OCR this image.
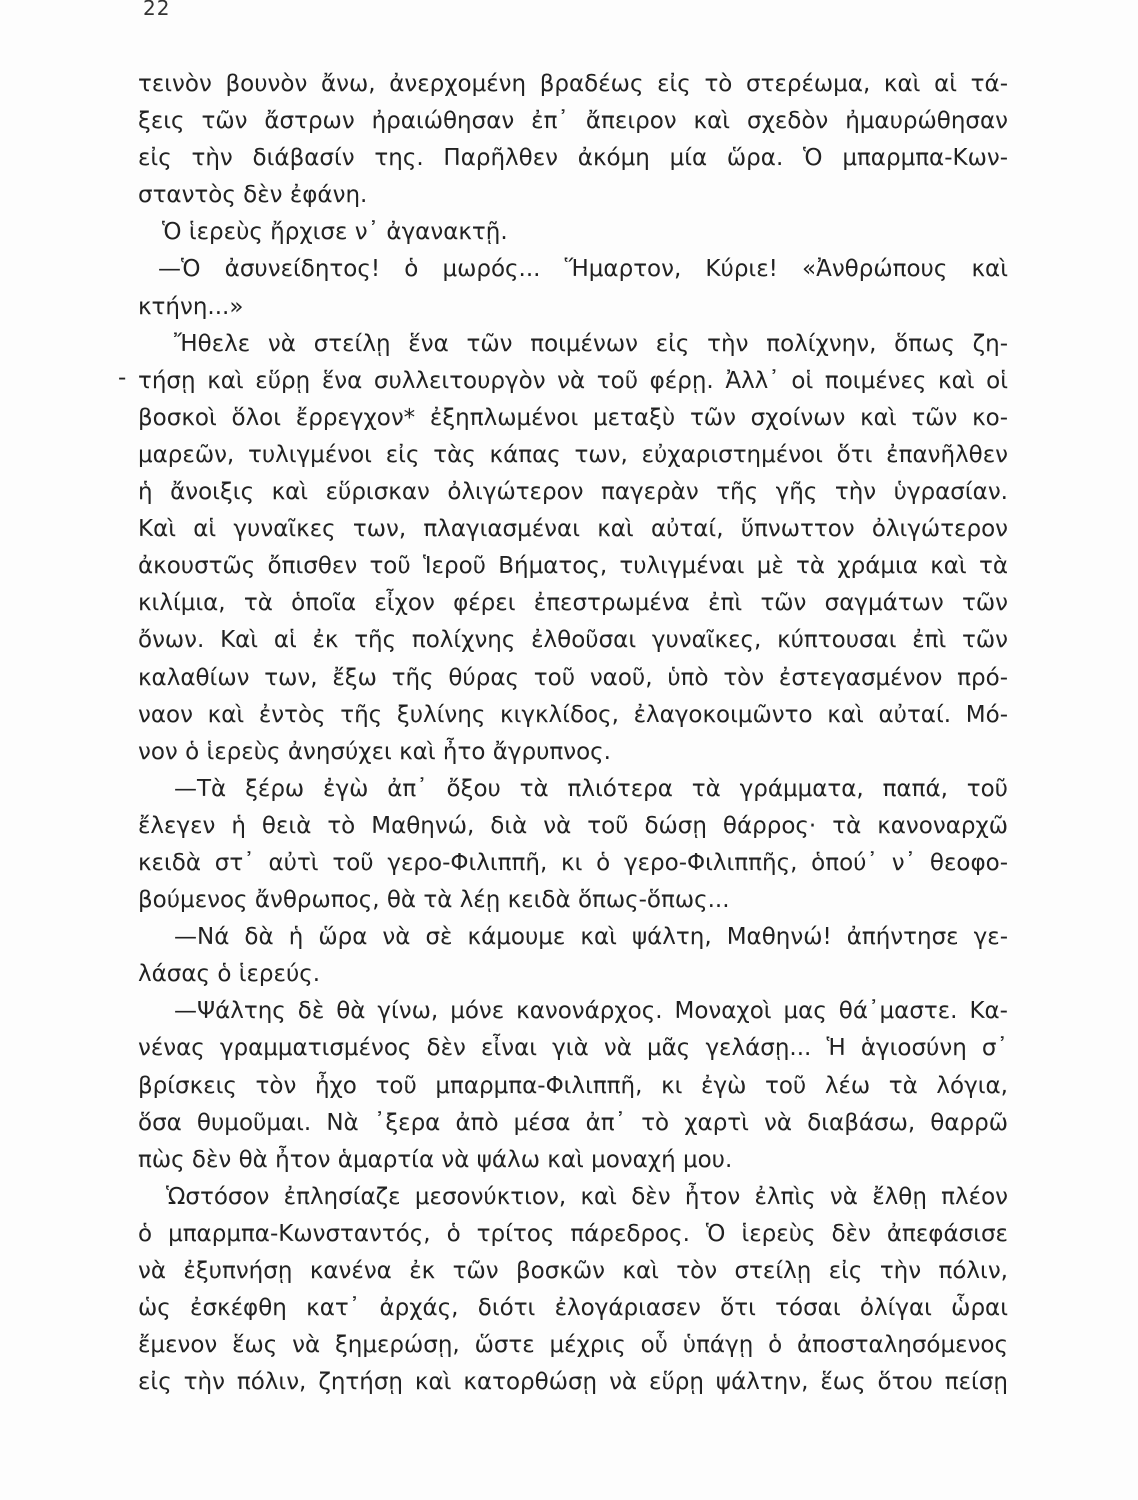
22
-
τεινὸν βουνὸν ἄνω, ἀνερχομένη βραδέως εἰς τὸ στερέωμα, καὶ αἱ τά-
ξεις τῶν ἄστρων ἠραιώθησαν ἐπ᾽ ἄπειρον καὶ σχεδὸν ἠμαυρώθησαν
εἰς τὴν διάβασίν της. Παρῆλθεν ἀκόμη μία ὥρα. Ὁ μπαρμπα-Κων-
σταντὸς δὲν ἐφάνη.
Ὁ ἱερεὺς ἤρχισε ν᾽ ἀγανακτῇ.
—Ὁ ἀσυνείδητος! ὁ μωρός... Ἥμαρτον, Κύριε! «Ἀνθρώπους καὶ
κτήνη...»
Ἤθελε νὰ στείλῃ ἕνα τῶν ποιμένων εἰς τὴν πολίχνην, ὅπως ζη-
τήσῃ καὶ εὕρῃ ἕνα συλλειτουργὸν νὰ τοῦ φέρῃ. Ἀλλ᾽ οἱ ποιμένες καὶ οἱ
βοσκοὶ ὅλοι ἔρρεγχον* ἐξηπλωμένοι μεταξὺ τῶν σχοίνων καὶ τῶν κο-
μαρεῶν, τυλιγμένοι εἰς τὰς κάπας των, εὐχαριστημένοι ὅτι ἐπανῆλθεν
ἡ ἄνοιξις καὶ εὕρισκαν ὀλιγώτερον παγερὰν τῆς γῆς τὴν ὑγρασίαν.
Καὶ αἱ γυναῖκες των, πλαγιασμέναι καὶ αὐταί, ὕπνωττον ὀλιγώτερον
ἀκουστῶς ὄπισθεν τοῦ Ἱεροῦ Βήματος, τυλιγμέναι μὲ τὰ χράμια καὶ τὰ
κιλίμια, τὰ ὁποῖα εἶχον φέρει ἐπεστρωμένα ἐπὶ τῶν σαγμάτων τῶν
ὄνων. Καὶ αἱ ἐκ τῆς πολίχνης ἐλθοῦσαι γυναῖκες, κύπτουσαι ἐπὶ τῶν
καλαθίων των, ἔξω τῆς θύρας τοῦ ναοῦ, ὑπὸ τὸν ἐστεγασμένον πρό-
ναον καὶ ἐντὸς τῆς ξυλίνης κιγκλίδος, ἐλαγοκοιμῶντο καὶ αὐταί. Μό-
νον ὁ ἱερεὺς ἀνησύχει καὶ ἦτο ἄγρυπνος.
—Τὰ ξέρω ἐγὼ ἀπ᾽ ὄξου τὰ πλιότερα τὰ γράμματα, παπά, τοῦ
ἔλεγεν ἡ θειὰ τὸ Μαθηνώ, διὰ νὰ τοῦ δώσῃ θάρρος· τὰ κανοναρχῶ
κειδὰ στ᾽ αὐτὶ τοῦ γερο-Φιλιππῆ, κι ὁ γερο-Φιλιππῆς, ὁπού᾽ ν᾽ θεοφο-
βούμενος ἄνθρωπος, θὰ τὰ λέῃ κειδὰ ὅπως-ὅπως...
—Νά δὰ ἡ ὥρα νὰ σὲ κάμουμε καὶ ψάλτη, Μαθηνώ! ἀπήντησε γε-
λάσας ὁ ἱερεύς.
—Ψάλτης δὲ θὰ γίνω, μόνε κανονάρχος. Μοναχοὶ μας θά᾽μαστε. Κα-
νένας γραμματισμένος δὲν εἶναι γιὰ νὰ μᾶς γελάσῃ... Ἡ ἁγιοσύνη σ᾽
βρίσκεις τὸν ἦχο τοῦ μπαρμπα-Φιλιππῆ, κι ἐγὼ τοῦ λέω τὰ λόγια,
ὅσα θυμοῦμαι. Νὰ ᾽ξερα ἀπὸ μέσα ἀπ᾽ τὸ χαρτὶ νὰ διαβάσω, θαρρῶ
πὼς δὲν θὰ ἦτον ἁμαρτία νὰ ψάλω καὶ μοναχή μου.
Ὡστόσον ἐπλησίαζε μεσονύκτιον, καὶ δὲν ἦτον ἐλπὶς νὰ ἔλθῃ πλέον
ὁ μπαρμπα-Κωνσταντός, ὁ τρίτος πάρεδρος. Ὁ ἱερεὺς δὲν ἀπεφάσισε
νὰ ἐξυπνήσῃ κανένα ἐκ τῶν βοσκῶν καὶ τὸν στείλῃ εἰς τὴν πόλιν,
ὡς ἐσκέφθη κατ᾽ ἀρχάς, διότι ἐλογάριασεν ὅτι τόσαι ὀλίγαι ὧραι
ἔμενον ἕως νὰ ξημερώσῃ, ὥστε μέχρις οὗ ὑπάγῃ ὁ ἀποσταλησόμενος
εἰς τὴν πόλιν, ζητήσῃ καὶ κατορθώσῃ νὰ εὕρῃ ψάλτην, ἕως ὅτου πείσῃ
